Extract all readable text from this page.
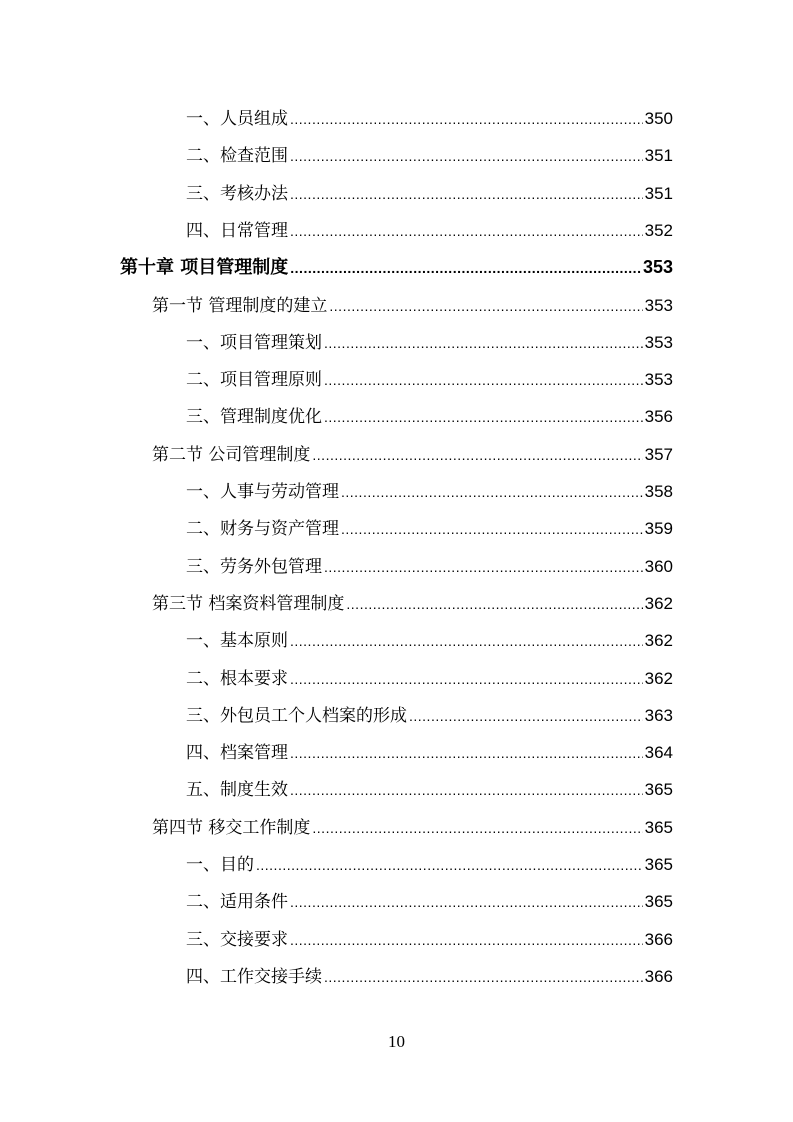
一、人员组成 .....	350
二、检查范围 .....	351
三、考核办法 .....	351
四、日常管理 .....	352
第十章 项目管理制度 .....	353
第一节 管理制度的建立 .....	353
一、项目管理策划 .....	353
二、项目管理原则 .....	353
三、管理制度优化 .....	356
第二节 公司管理制度 .....	357
一、人事与劳动管理 .....	358
二、财务与资产管理 .....	359
三、劳务外包管理 .....	360
第三节 档案资料管理制度 .....	362
一、基本原则 .....	362
二、根本要求 .....	362
三、外包员工个人档案的形成 .....	363
四、档案管理 .....	364
五、制度生效 .....	365
第四节 移交工作制度 .....	365
一、目的 .....	365
二、适用条件 .....	365
三、交接要求 .....	366
四、工作交接手续 .....	366
10
